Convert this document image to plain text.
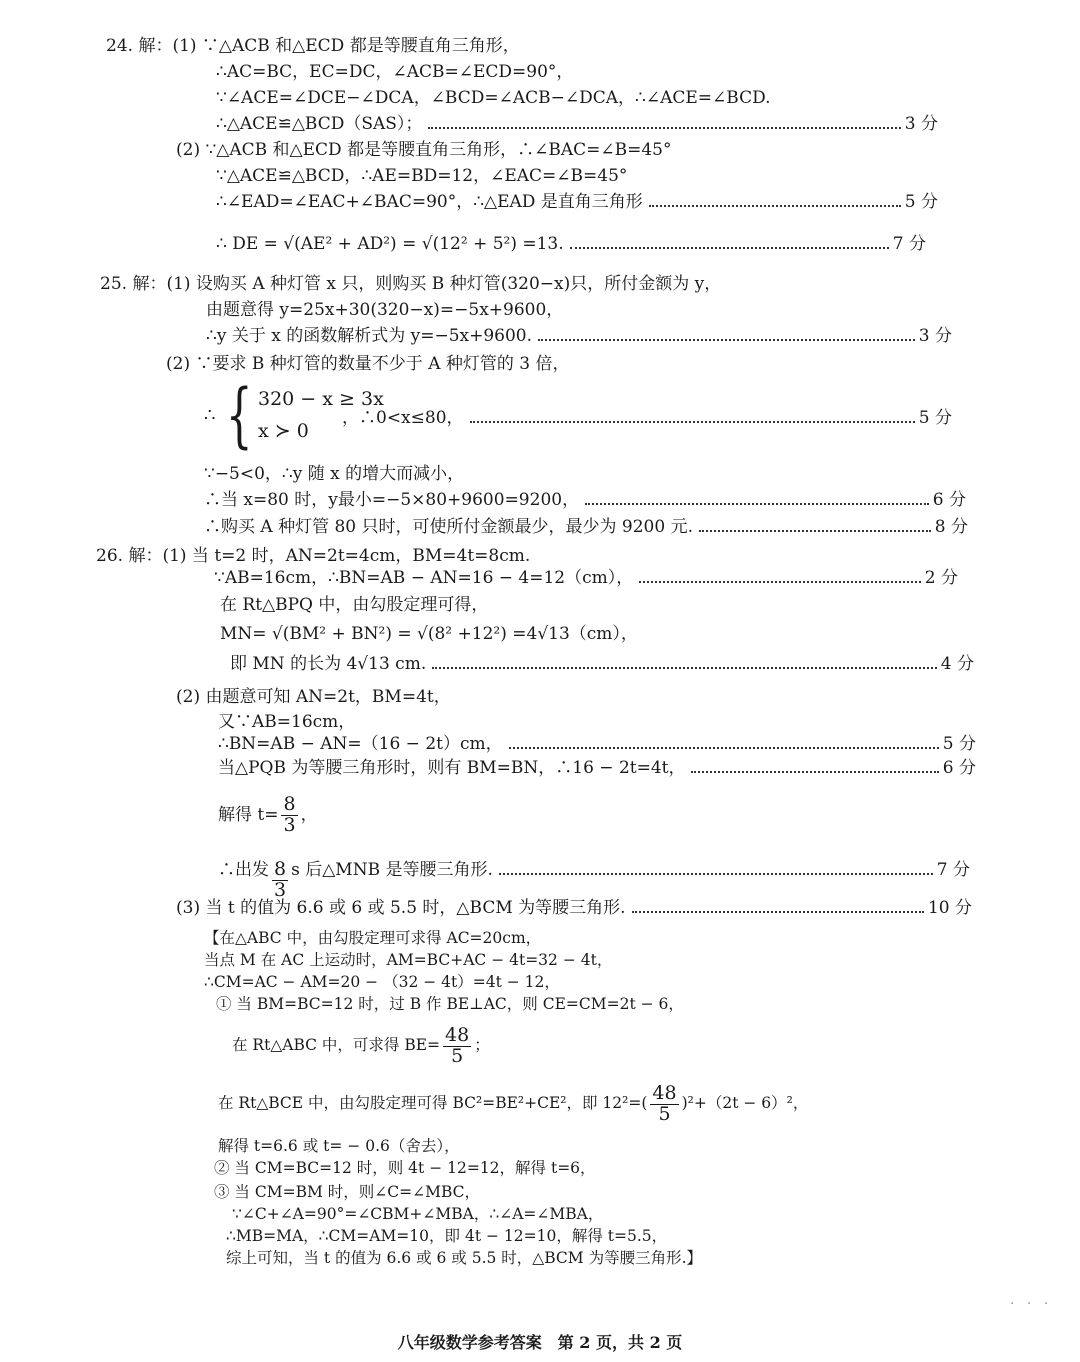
24. 解：(1) ∵△ACB 和△ECD 都是等腰直角三角形，
∴AC=BC，EC=DC，∠ACB=∠ECD=90°，
∵∠ACE=∠DCE−∠DCA，∠BCD=∠ACB−∠DCA，∴∠ACE=∠BCD.
∴△ACE≌△BCD（SAS）；	3 分
(2) ∵△ACB 和△ECD 都是等腰直角三角形，∴∠BAC=∠B=45°
∵△ACE≌△BCD，∴AE=BD=12，∠EAC=∠B=45°
∴∠EAD=∠EAC+∠BAC=90°，∴△EAD 是直角三角形	5 分
∴ DE = √(AE² + AD²) = √(12² + 5²) =13.	7 分
25. 解：(1) 设购买 A 种灯管 x 只，则购买 B 种灯管(320−x)只，所付金额为 y，
由题意得 y=25x+30(320−x)=−5x+9600，
∴y 关于 x 的函数解析式为 y=−5x+9600.	3 分
(2) ∵要求 B 种灯管的数量不少于 A 种灯管的 3 倍，
∴ { 320 − x ≥ 3x
x ≻ 0
，∴0<x≤80，	5 分
∵−5<0，∴y 随 x 的增大而减小，
∴当 x=80 时，y最小=−5×80+9600=9200，	6 分
∴购买 A 种灯管 80 只时，可使所付金额最少，最少为 9200 元.	8 分
26. 解：(1) 当 t=2 时，AN=2t=4cm，BM=4t=8cm.
∵AB=16cm，∴BN=AB − AN=16 − 4=12（cm），	2 分
在 Rt△BPQ 中，由勾股定理可得，
MN= √(BM² + BN²) = √(8² +12²) =4√13（cm），
即 MN 的长为 4√13 cm.	4 分
(2) 由题意可知 AN=2t，BM=4t，
又∵AB=16cm，
∴BN=AB − AN=（16 − 2t）cm，	5 分
当△PQB 为等腰三角形时，则有 BM=BN，∴16 − 2t=4t，	6 分
解得 $t= \frac{8}{3}$ ，
∴出发 $\frac{8}{3}$ s 后△MNB 是等腰三角形.	7 分
(3) 当 t 的值为 6.6 或 6 或 5.5 时，△BCM 为等腰三角形.	10 分
【在△ABC 中，由勾股定理可求得 AC=20cm，
当点 M 在 AC 上运动时，AM=BC+AC − 4t=32 − 4t，
∴CM=AC − AM=20 − （32 − 4t）=4t − 12，
① 当 BM=BC=12 时，过 B 作 BE⊥AC，则 CE=CM=2t − 6，
在 Rt△ABC 中，可求得 $BE= \frac{48}{5}$ ；
在 Rt△BCE 中，由勾股定理可得 BC²=BE²+CE²，即 $12^2=( \frac{48}{5} )^2+(2t - 6)^2$，
解得 t=6.6 或 t= − 0.6（舍去），
② 当 CM=BC=12 时，则 4t − 12=12，解得 t=6，
③ 当 CM=BM 时，则∠C=∠MBC，
∵∠C+∠A=90°=∠CBM+∠MBA，∴∠A=∠MBA，
∴MB=MA，∴CM=AM=10，即 4t − 12=10，解得 t=5.5，
综上可知，当 t 的值为 6.6 或 6 或 5.5 时，△BCM 为等腰三角形.】
· · ·
八年级数学参考答案　第 2 页，共 2 页
